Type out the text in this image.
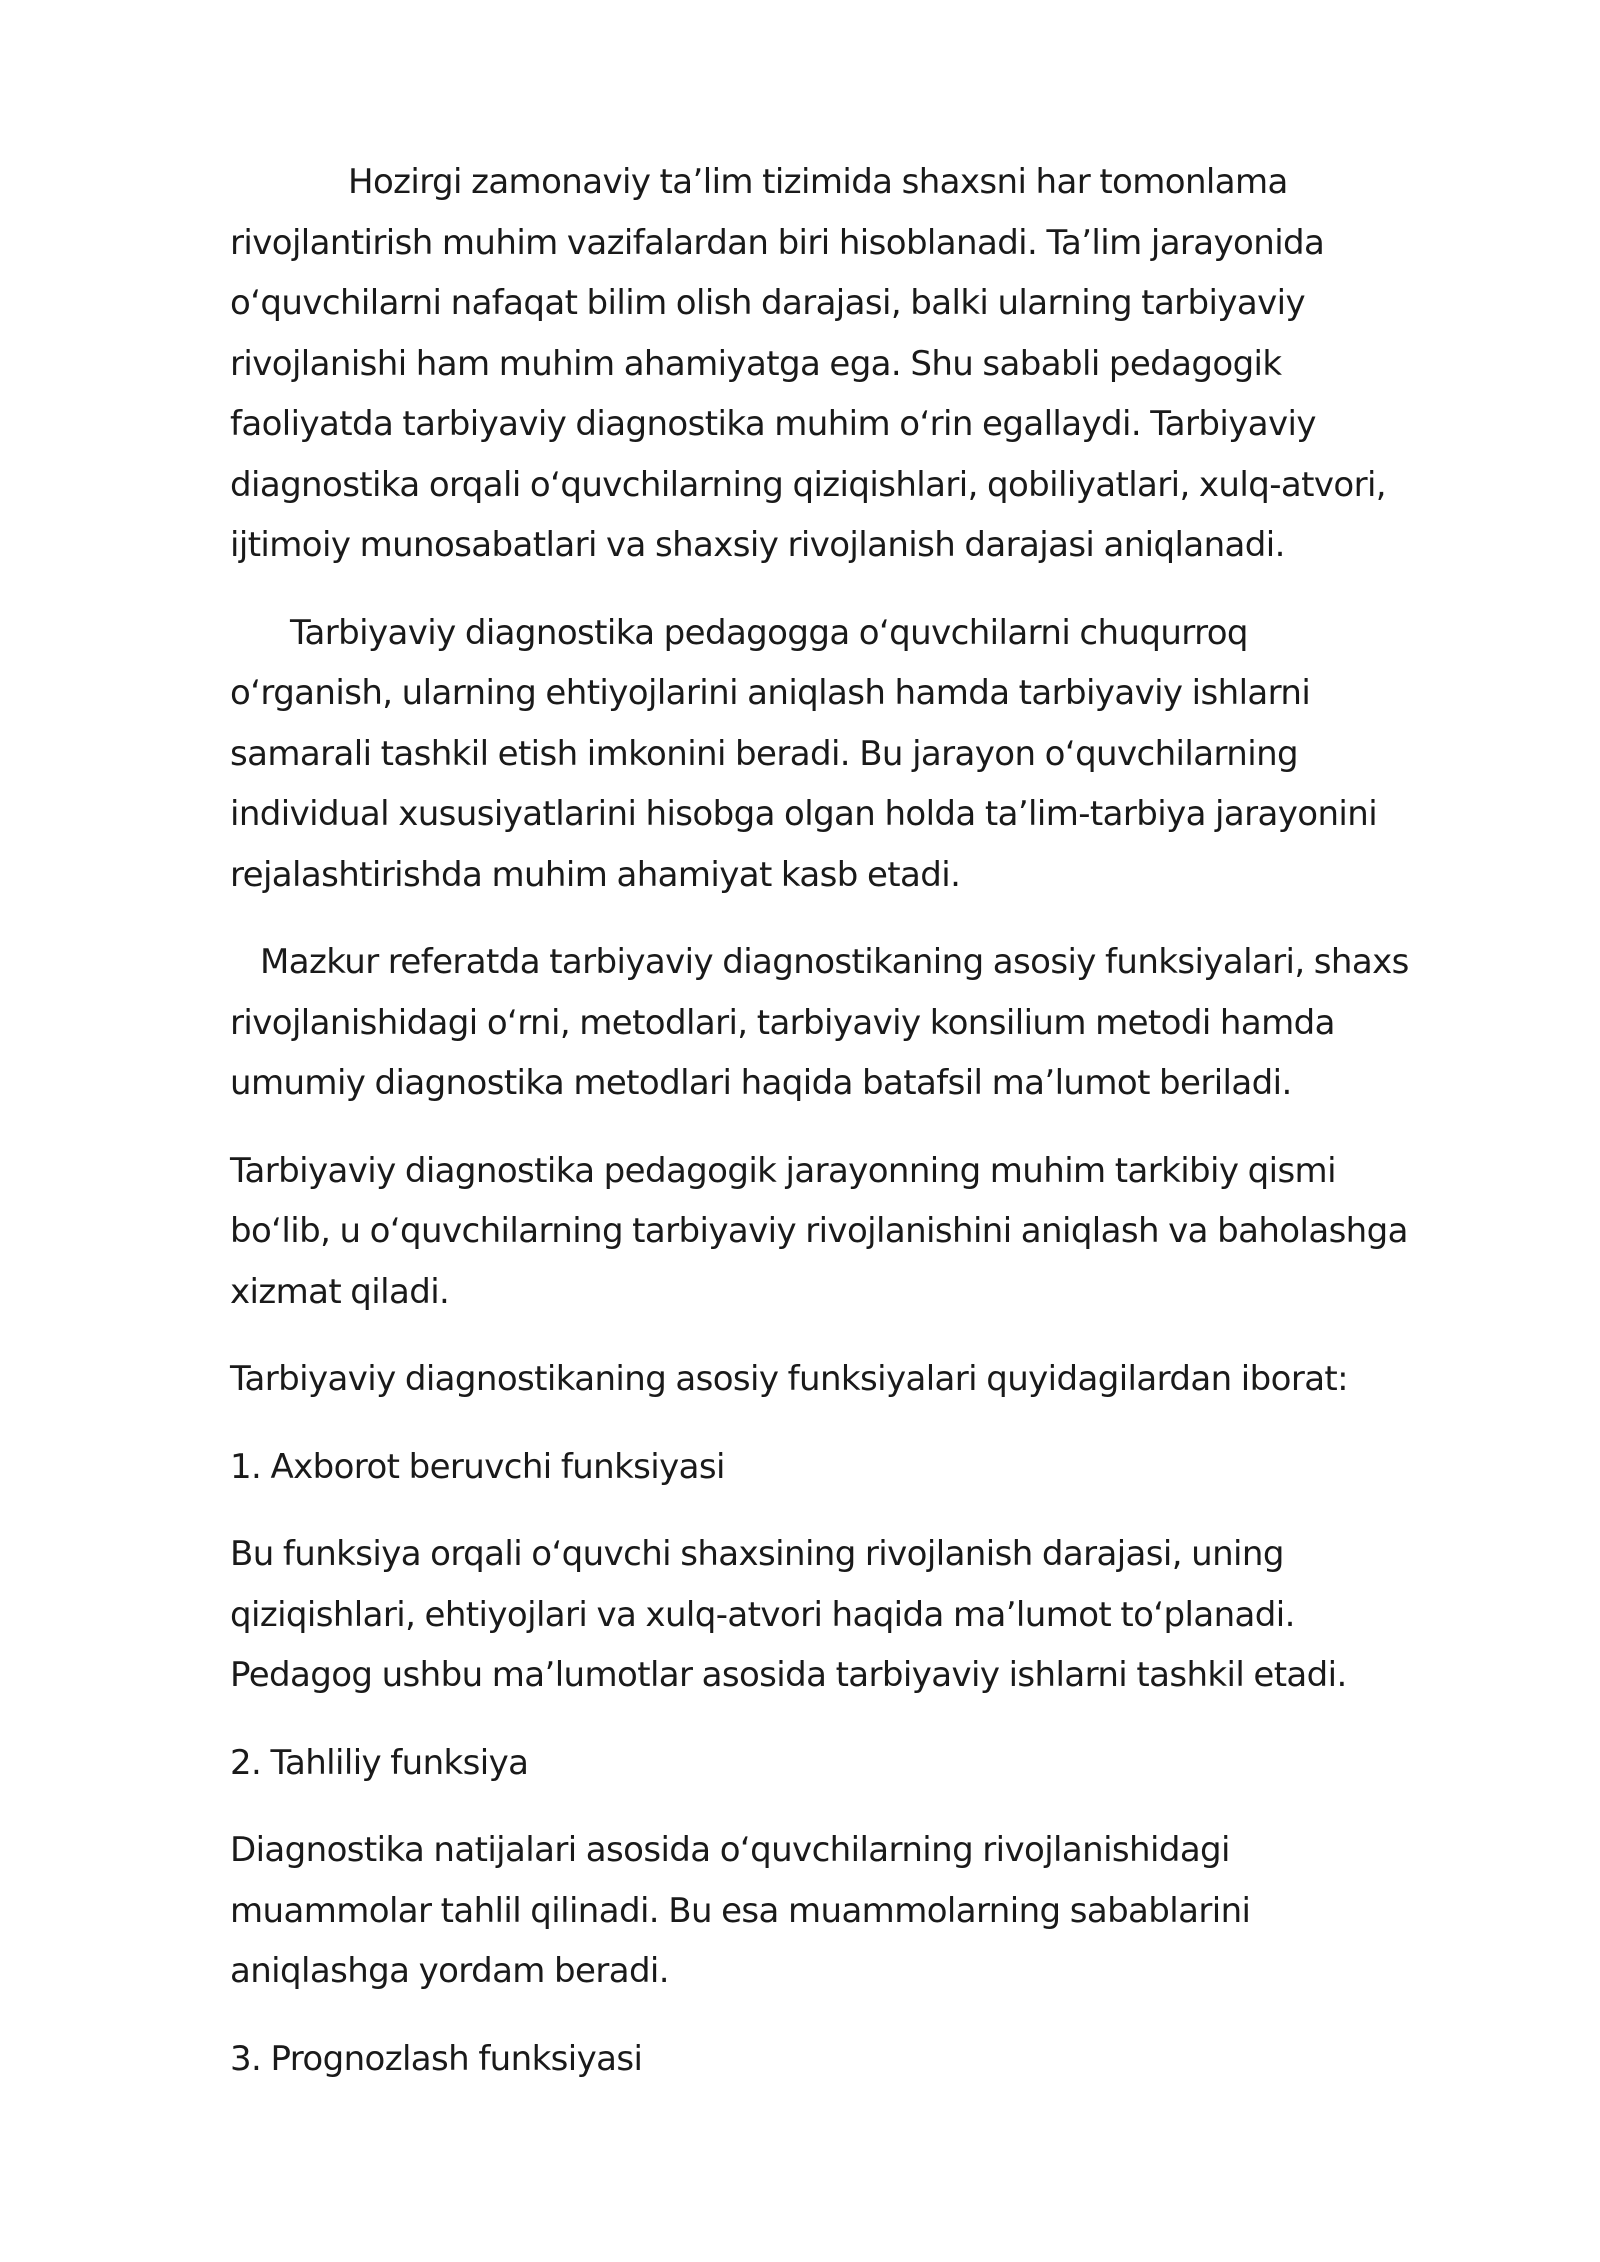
Hozirgi zamonaviy ta’lim tizimida shaxsni har tomonlama
rivojlantirish muhim vazifalardan biri hisoblanadi. Ta’lim jarayonida
o‘quvchilarni nafaqat bilim olish darajasi, balki ularning tarbiyaviy
rivojlanishi ham muhim ahamiyatga ega. Shu sababli pedagogik
faoliyatda tarbiyaviy diagnostika muhim o‘rin egallaydi. Tarbiyaviy
diagnostika orqali o‘quvchilarning qiziqishlari, qobiliyatlari, xulq-atvori,
ijtimoiy munosabatlari va shaxsiy rivojlanish darajasi aniqlanadi.

Tarbiyaviy diagnostika pedagogga o‘quvchilarni chuqurroq
o‘rganish, ularning ehtiyojlarini aniqlash hamda tarbiyaviy ishlarni
samarali tashkil etish imkonini beradi. Bu jarayon o‘quvchilarning
individual xususiyatlarini hisobga olgan holda ta’lim-tarbiya jarayonini
rejalashtirishda muhim ahamiyat kasb etadi.

Mazkur referatda tarbiyaviy diagnostikaning asosiy funksiyalari, shaxs
rivojlanishidagi o‘rni, metodlari, tarbiyaviy konsilium metodi hamda
umumiy diagnostika metodlari haqida batafsil ma’lumot beriladi.

Tarbiyaviy diagnostika pedagogik jarayonning muhim tarkibiy qismi
bo‘lib, u o‘quvchilarning tarbiyaviy rivojlanishini aniqlash va baholashga
xizmat qiladi.

Tarbiyaviy diagnostikaning asosiy funksiyalari quyidagilardan iborat:

1. Axborot beruvchi funksiyasi

Bu funksiya orqali o‘quvchi shaxsining rivojlanish darajasi, uning
qiziqishlari, ehtiyojlari va xulq-atvori haqida ma’lumot to‘planadi.
Pedagog ushbu ma’lumotlar asosida tarbiyaviy ishlarni tashkil etadi.

2. Tahliliy funksiya

Diagnostika natijalari asosida o‘quvchilarning rivojlanishidagi
muammolar tahlil qilinadi. Bu esa muammolarning sabablarini
aniqlashga yordam beradi.

3. Prognozlash funksiyasi
